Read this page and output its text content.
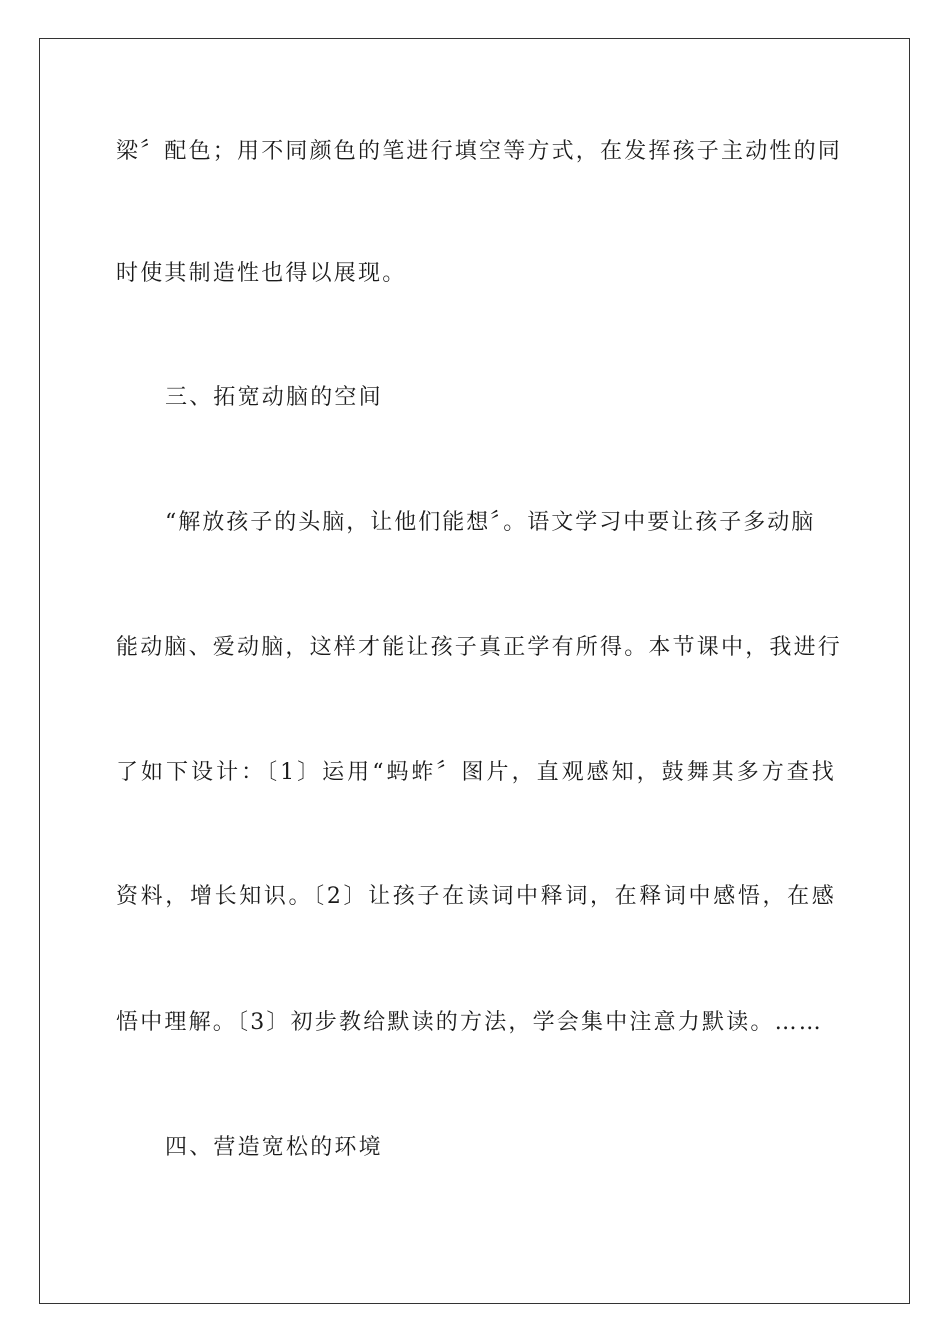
梁〞配色；用不同颜色的笔进行填空等方式，在发挥孩子主动性的同
时使其制造性也得以展现。
三、拓宽动脑的空间
“解放孩子的头脑，让他们能想〞。语文学习中要让孩子多动脑
能动脑、爱动脑，这样才能让孩子真正学有所得。本节课中，我进行
了如下设计：〔1〕运用“蚂蚱〞图片，直观感知，鼓舞其多方查找
资料，增长知识。〔2〕让孩子在读词中释词，在释词中感悟，在感
悟中理解。〔3〕初步教给默读的方法，学会集中注意力默读。……
四、营造宽松的环境
